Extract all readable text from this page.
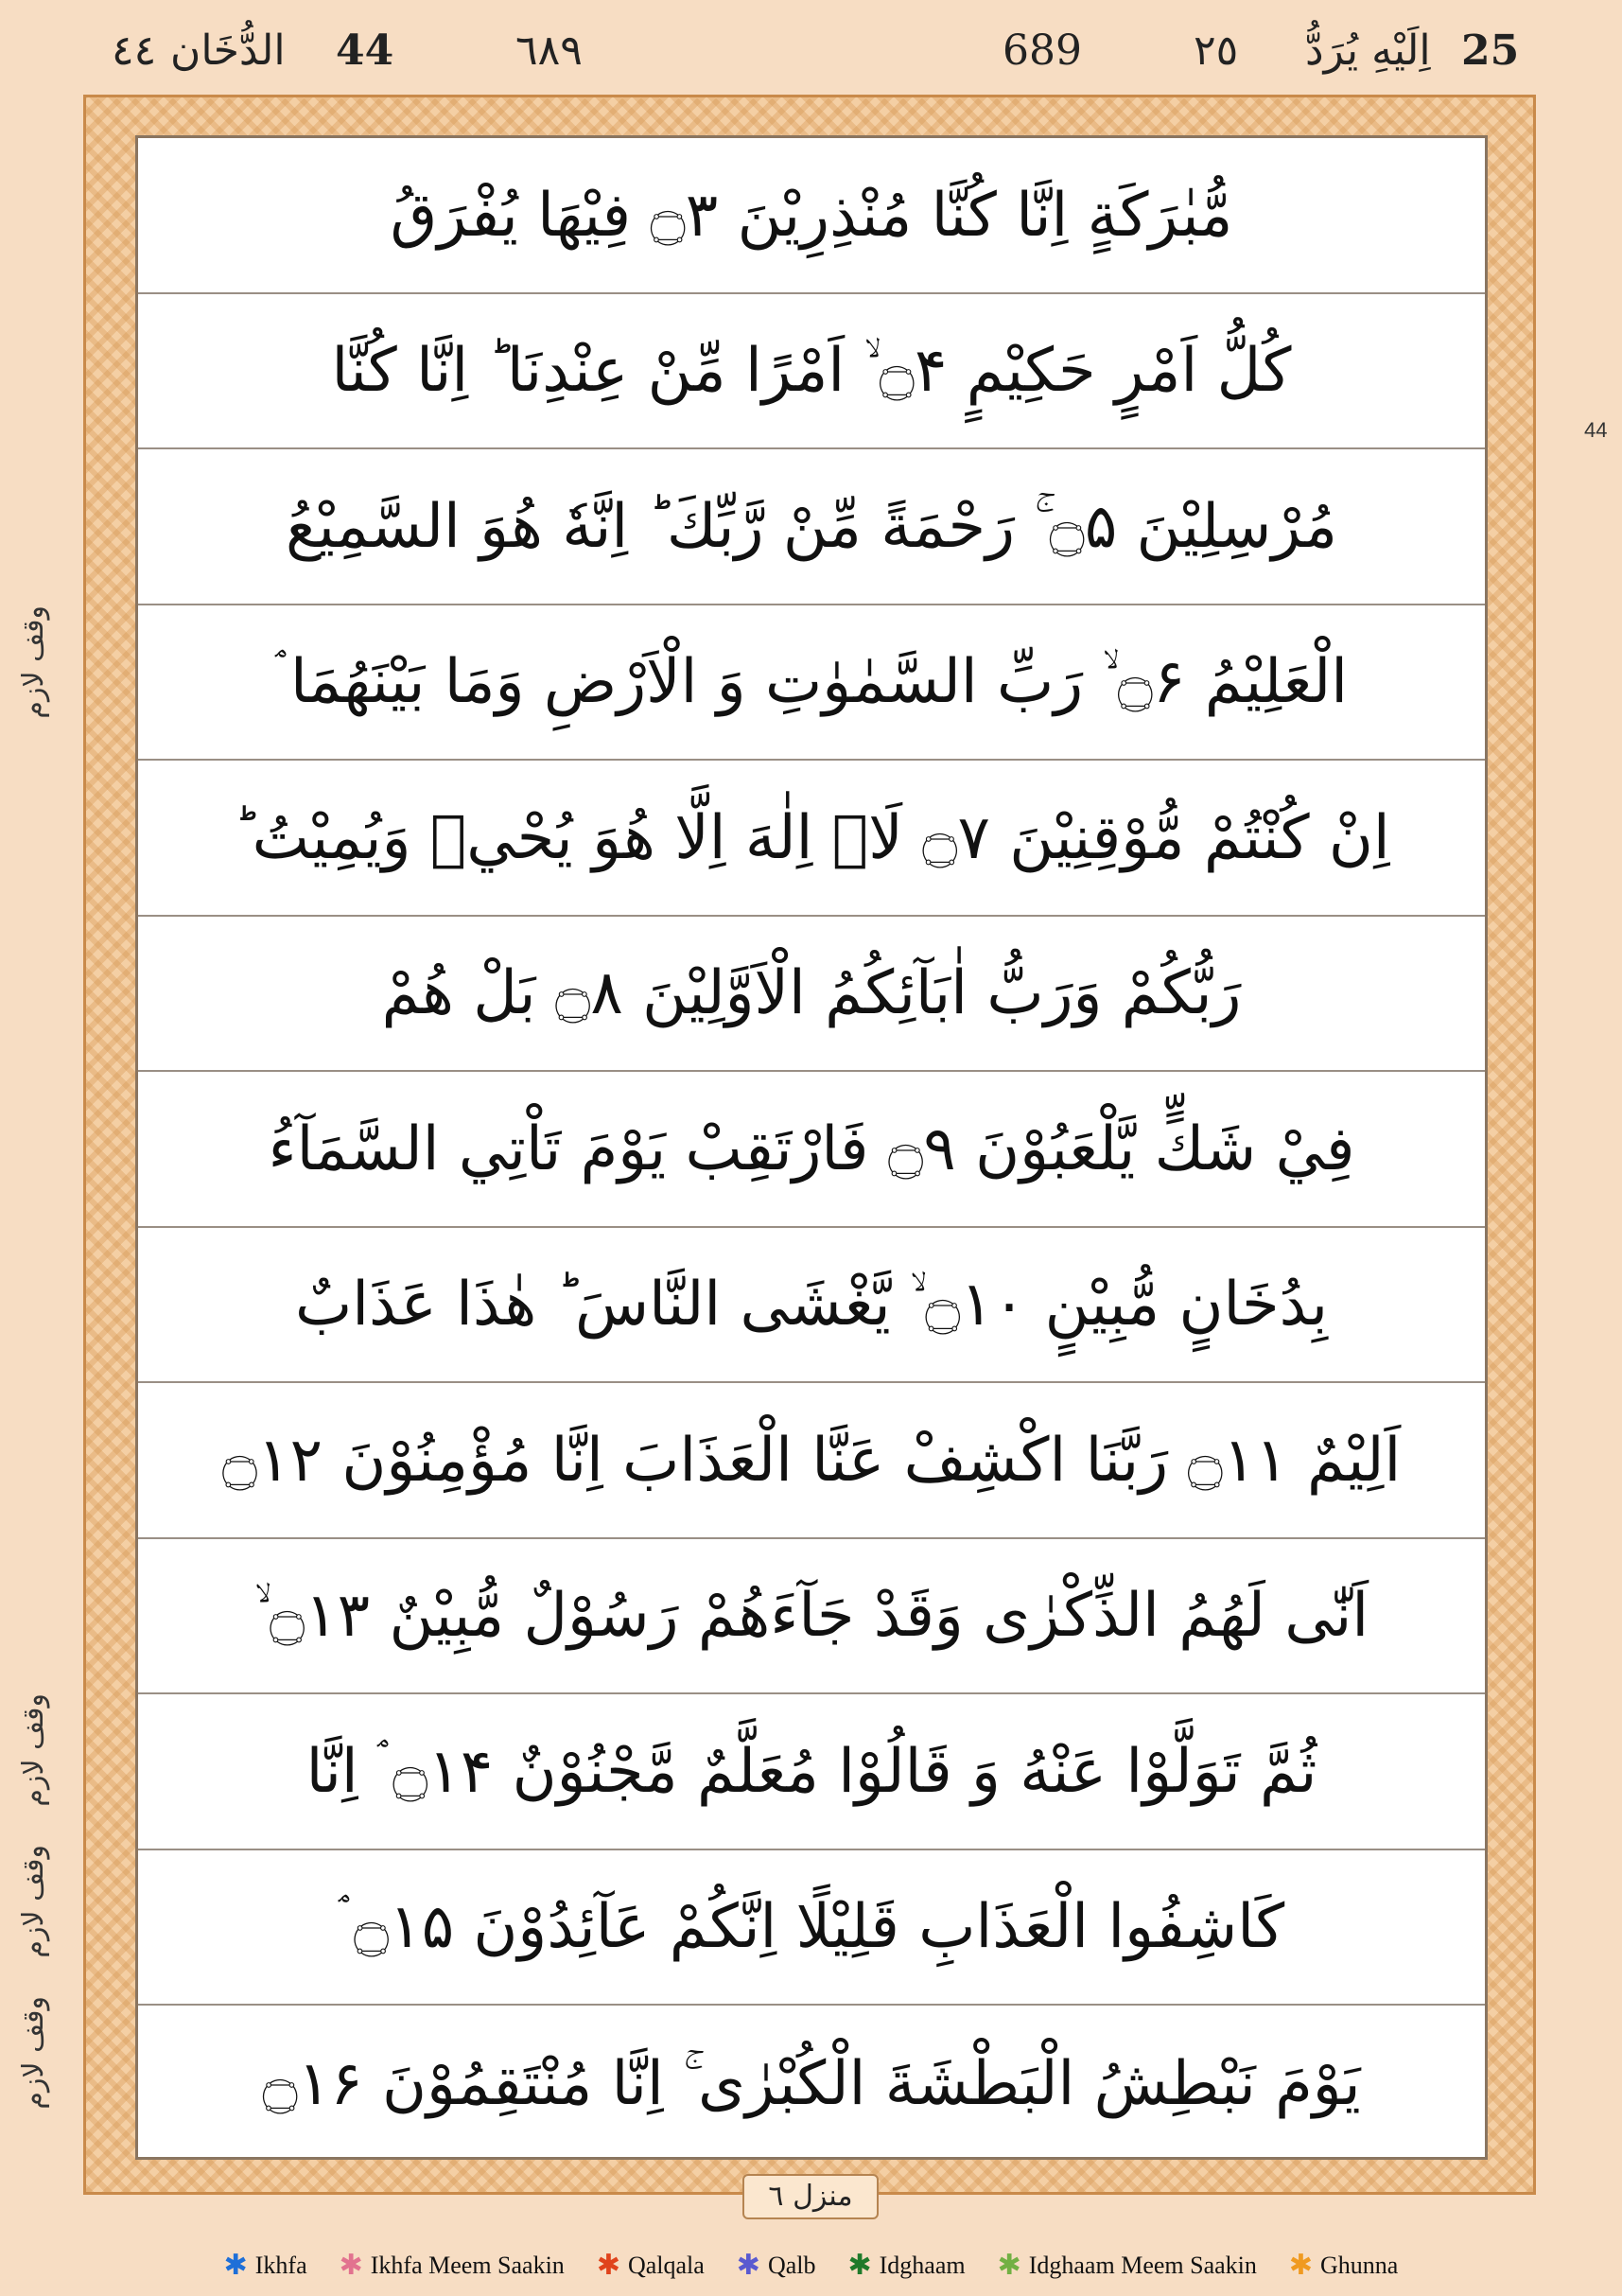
٤٤ الدُّخَان 44	٦٨٩	689	٢٥ اِلَيْهِ يُرَدُّ 25
44
وقف لازم
وقف لازم
وقف لازم
وقف لازم
مُّبٰرَكَةٍ اِنَّا كُنَّا مُنْذِرِيْنَ ۝۳ فِيْهَا يُفْرَقُ
كُلُّ اَمْرٍ حَكِيْمٍ ۝۴ ۙ اَمْرًا مِّنْ عِنْدِنَا ؕ اِنَّا كُنَّا
مُرْسِلِيْنَ ۝۵ ۚ رَحْمَةً مِّنْ رَّبِّكَ ؕ اِنَّهٗ هُوَ السَّمِيْعُ
الْعَلِيْمُ ۝۶ ۙ رَبِّ السَّمٰوٰتِ وَ الْاَرْضِ وَمَا بَيْنَهُمَا ۘ
اِنْ كُنْتُمْ مُّوْقِنِيْنَ ۝۷ لَاۤ اِلٰهَ اِلَّا هُوَ يُحْيٖ وَيُمِيْتُ ؕ
رَبُّكُمْ وَرَبُّ اٰبَآئِكُمُ الْاَوَّلِيْنَ ۝۸ بَلْ هُمْ
فِيْ شَكٍّ يَّلْعَبُوْنَ ۝۹ فَارْتَقِبْ يَوْمَ تَاْتِي السَّمَآءُ
بِدُخَانٍ مُّبِيْنٍ ۝۱۰ ۙ يَّغْشَى النَّاسَ ؕ هٰذَا عَذَابٌ
اَلِيْمٌ ۝۱۱ رَبَّنَا اكْشِفْ عَنَّا الْعَذَابَ اِنَّا مُؤْمِنُوْنَ ۝۱۲
اَنّٰى لَهُمُ الذِّكْرٰى وَقَدْ جَآءَهُمْ رَسُوْلٌ مُّبِيْنٌ ۝۱۳ ۙ
ثُمَّ تَوَلَّوْا عَنْهُ وَ قَالُوْا مُعَلَّمٌ مَّجْنُوْنٌ ۝۱۴ ۘ اِنَّا
كَاشِفُوا الْعَذَابِ قَلِيْلًا اِنَّكُمْ عَآئِدُوْنَ ۝۱۵ ۘ
يَوْمَ نَبْطِشُ الْبَطْشَةَ الْكُبْرٰى ۚ اِنَّا مُنْتَقِمُوْنَ ۝۱۶
منزل ٦
✱ Ikhfa ✱ Ikhfa Meem Saakin ✱ Qalqala ✱ Qalb ✱ Idghaam ✱ Idghaam Meem Saakin ✱ Ghunna
